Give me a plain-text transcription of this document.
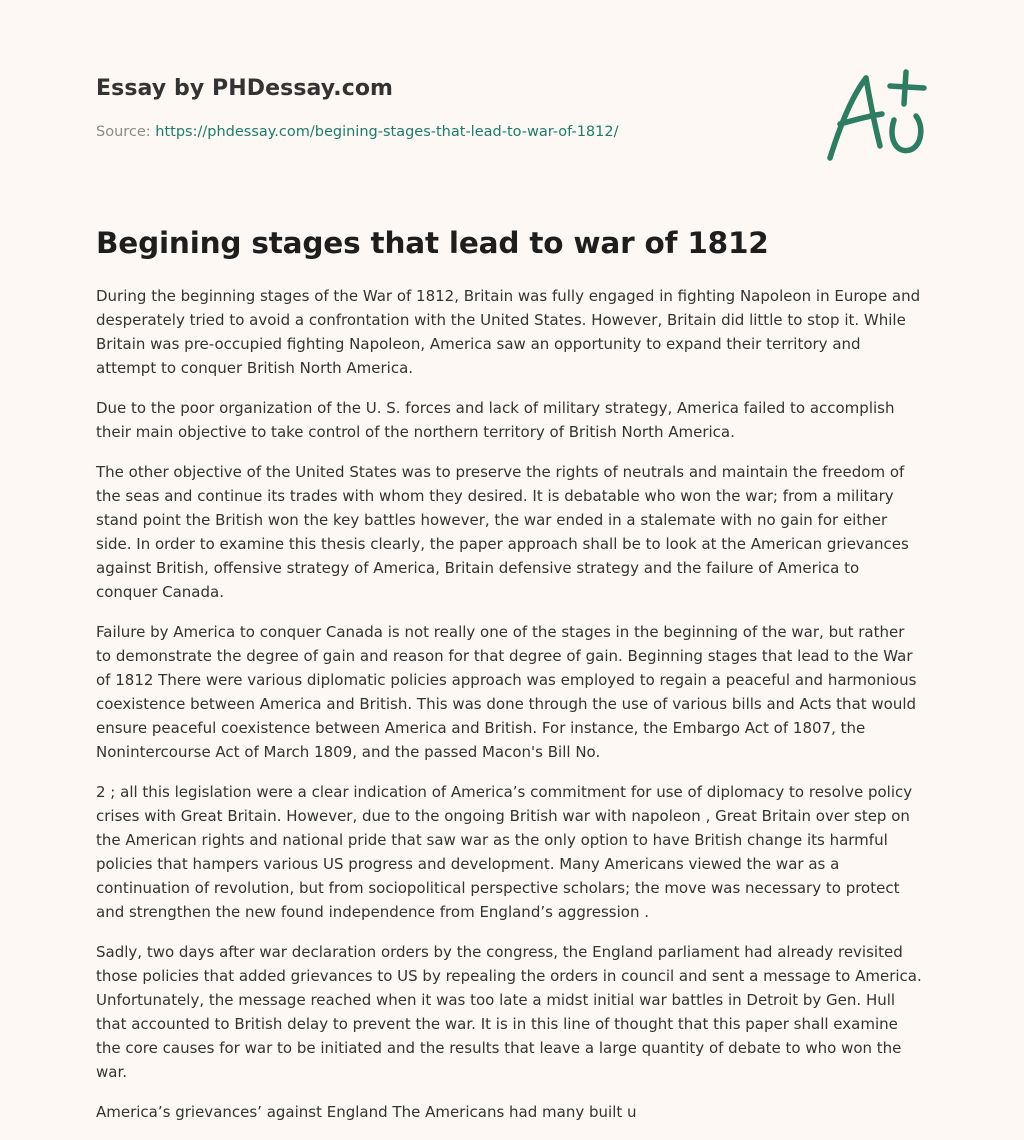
Essay by PHDessay.com
Source: https://phdessay.com/begining-stages-that-lead-to-war-of-1812/
Begining stages that lead to war of 1812

During the beginning stages of the War of 1812, Britain was fully engaged in fighting Napoleon in Europe and desperately tried to avoid a confrontation with the United States. However, Britain did little to stop it. While Britain was pre-occupied fighting Napoleon, America saw an opportunity to expand their territory and attempt to conquer British North America.

Due to the poor organization of the U. S. forces and lack of military strategy, America failed to accomplish their main objective to take control of the northern territory of British North America.

The other objective of the United States was to preserve the rights of neutrals and maintain the freedom of the seas and continue its trades with whom they desired. It is debatable who won the war; from a military stand point the British won the key battles however, the war ended in a stalemate with no gain for either side. In order to examine this thesis clearly, the paper approach shall be to look at the American grievances against British, offensive strategy of America, Britain defensive strategy and the failure of America to conquer Canada.

Failure by America to conquer Canada is not really one of the stages in the beginning of the war, but rather to demonstrate the degree of gain and reason for that degree of gain. Beginning stages that lead to the War of 1812 There were various diplomatic policies approach was employed to regain a peaceful and harmonious coexistence between America and British. This was done through the use of various bills and Acts that would ensure peaceful coexistence between America and British. For instance, the Embargo Act of 1807, the Nonintercourse Act of March 1809, and the passed Macon's Bill No.

2 ; all this legislation were a clear indication of America’s commitment for use of diplomacy to resolve policy crises with Great Britain. However, due to the ongoing British war with napoleon , Great Britain over step on the American rights and national pride that saw war as the only option to have British change its harmful policies that hampers various US progress and development. Many Americans viewed the war as a continuation of revolution, but from sociopolitical perspective scholars; the move was necessary to protect and strengthen the new found independence from England’s aggression .

Sadly, two days after war declaration orders by the congress, the England parliament had already revisited those policies that added grievances to US by repealing the orders in council and sent a message to America. Unfortunately, the message reached when it was too late a midst initial war battles in Detroit by Gen. Hull that accounted to British delay to prevent the war. It is in this line of thought that this paper shall examine the core causes for war to be initiated and the results that leave a large quantity of debate to who won the war.

America’s grievances’ against England The Americans had many built u
